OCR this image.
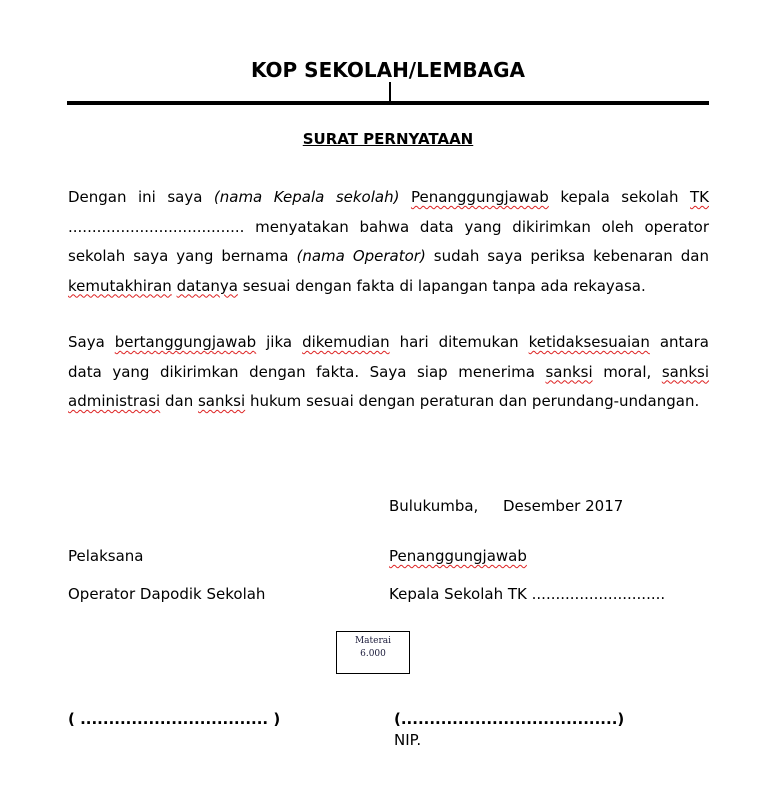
KOP SEKOLAH/LEMBAGA
SURAT PERNYATAAN
Dengan ini saya (nama Kepala sekolah) Penanggungjawab kepala sekolah TK ..................................... menyatakan bahwa data yang dikirimkan oleh operator sekolah saya yang bernama (nama Operator) sudah saya periksa kebenaran dan kemutakhiran datanya sesuai dengan fakta di lapangan tanpa ada rekayasa.
Saya bertanggungjawab jika dikemudian hari ditemukan ketidaksesuaian antara data yang dikirimkan dengan fakta. Saya siap menerima sanksi moral, sanksi administrasi dan sanksi hukum sesuai dengan peraturan dan perundang-undangan.
Bulukumba, Desember 2017
Pelaksana	Penanggungjawab
Operator Dapodik Sekolah	Kepala Sekolah TK ............................
Materai
6.000
( ................................. )	(......................................)
NIP.
